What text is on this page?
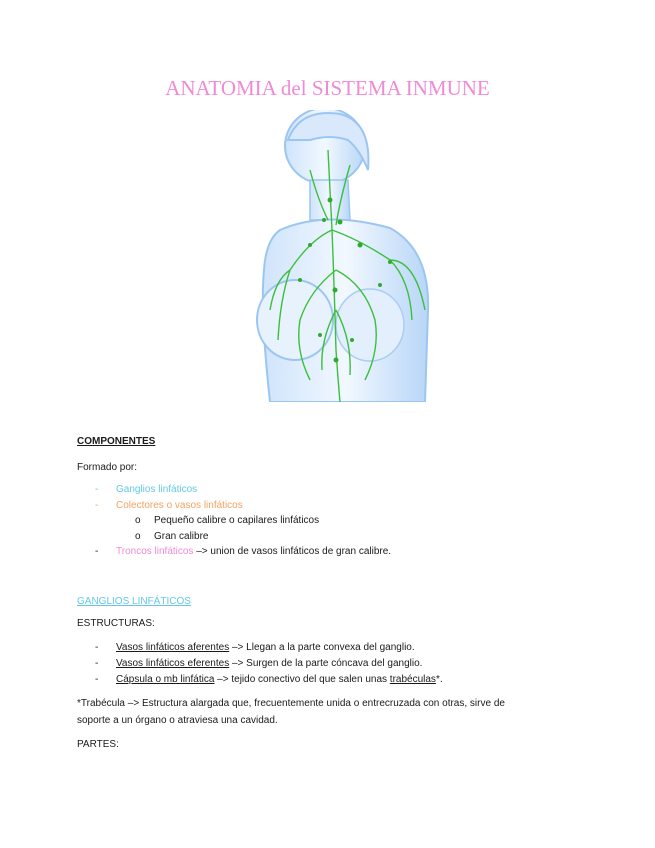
ANATOMIA del SISTEMA INMUNE
COMPONENTES
Formado por:
- Ganglios linfáticos
- Colectores o vasos linfáticos
o Pequeño calibre o capilares linfáticos
o Gran calibre
- Troncos linfáticos –> union de vasos linfáticos de gran calibre.
GANGLIOS LINFÁTICOS
ESTRUCTURAS:
- Vasos linfáticos aferentes –> Llegan a la parte convexa del ganglio.
- Vasos linfáticos eferentes –> Surgen de la parte cóncava del ganglio.
- Cápsula o mb linfática –> tejido conectivo del que salen unas trabéculas*.
*Trabécula –> Estructura alargada que, frecuentemente unida o entrecruzada con otras, sirve de
soporte a un órgano o atraviesa una cavidad.
PARTES:
